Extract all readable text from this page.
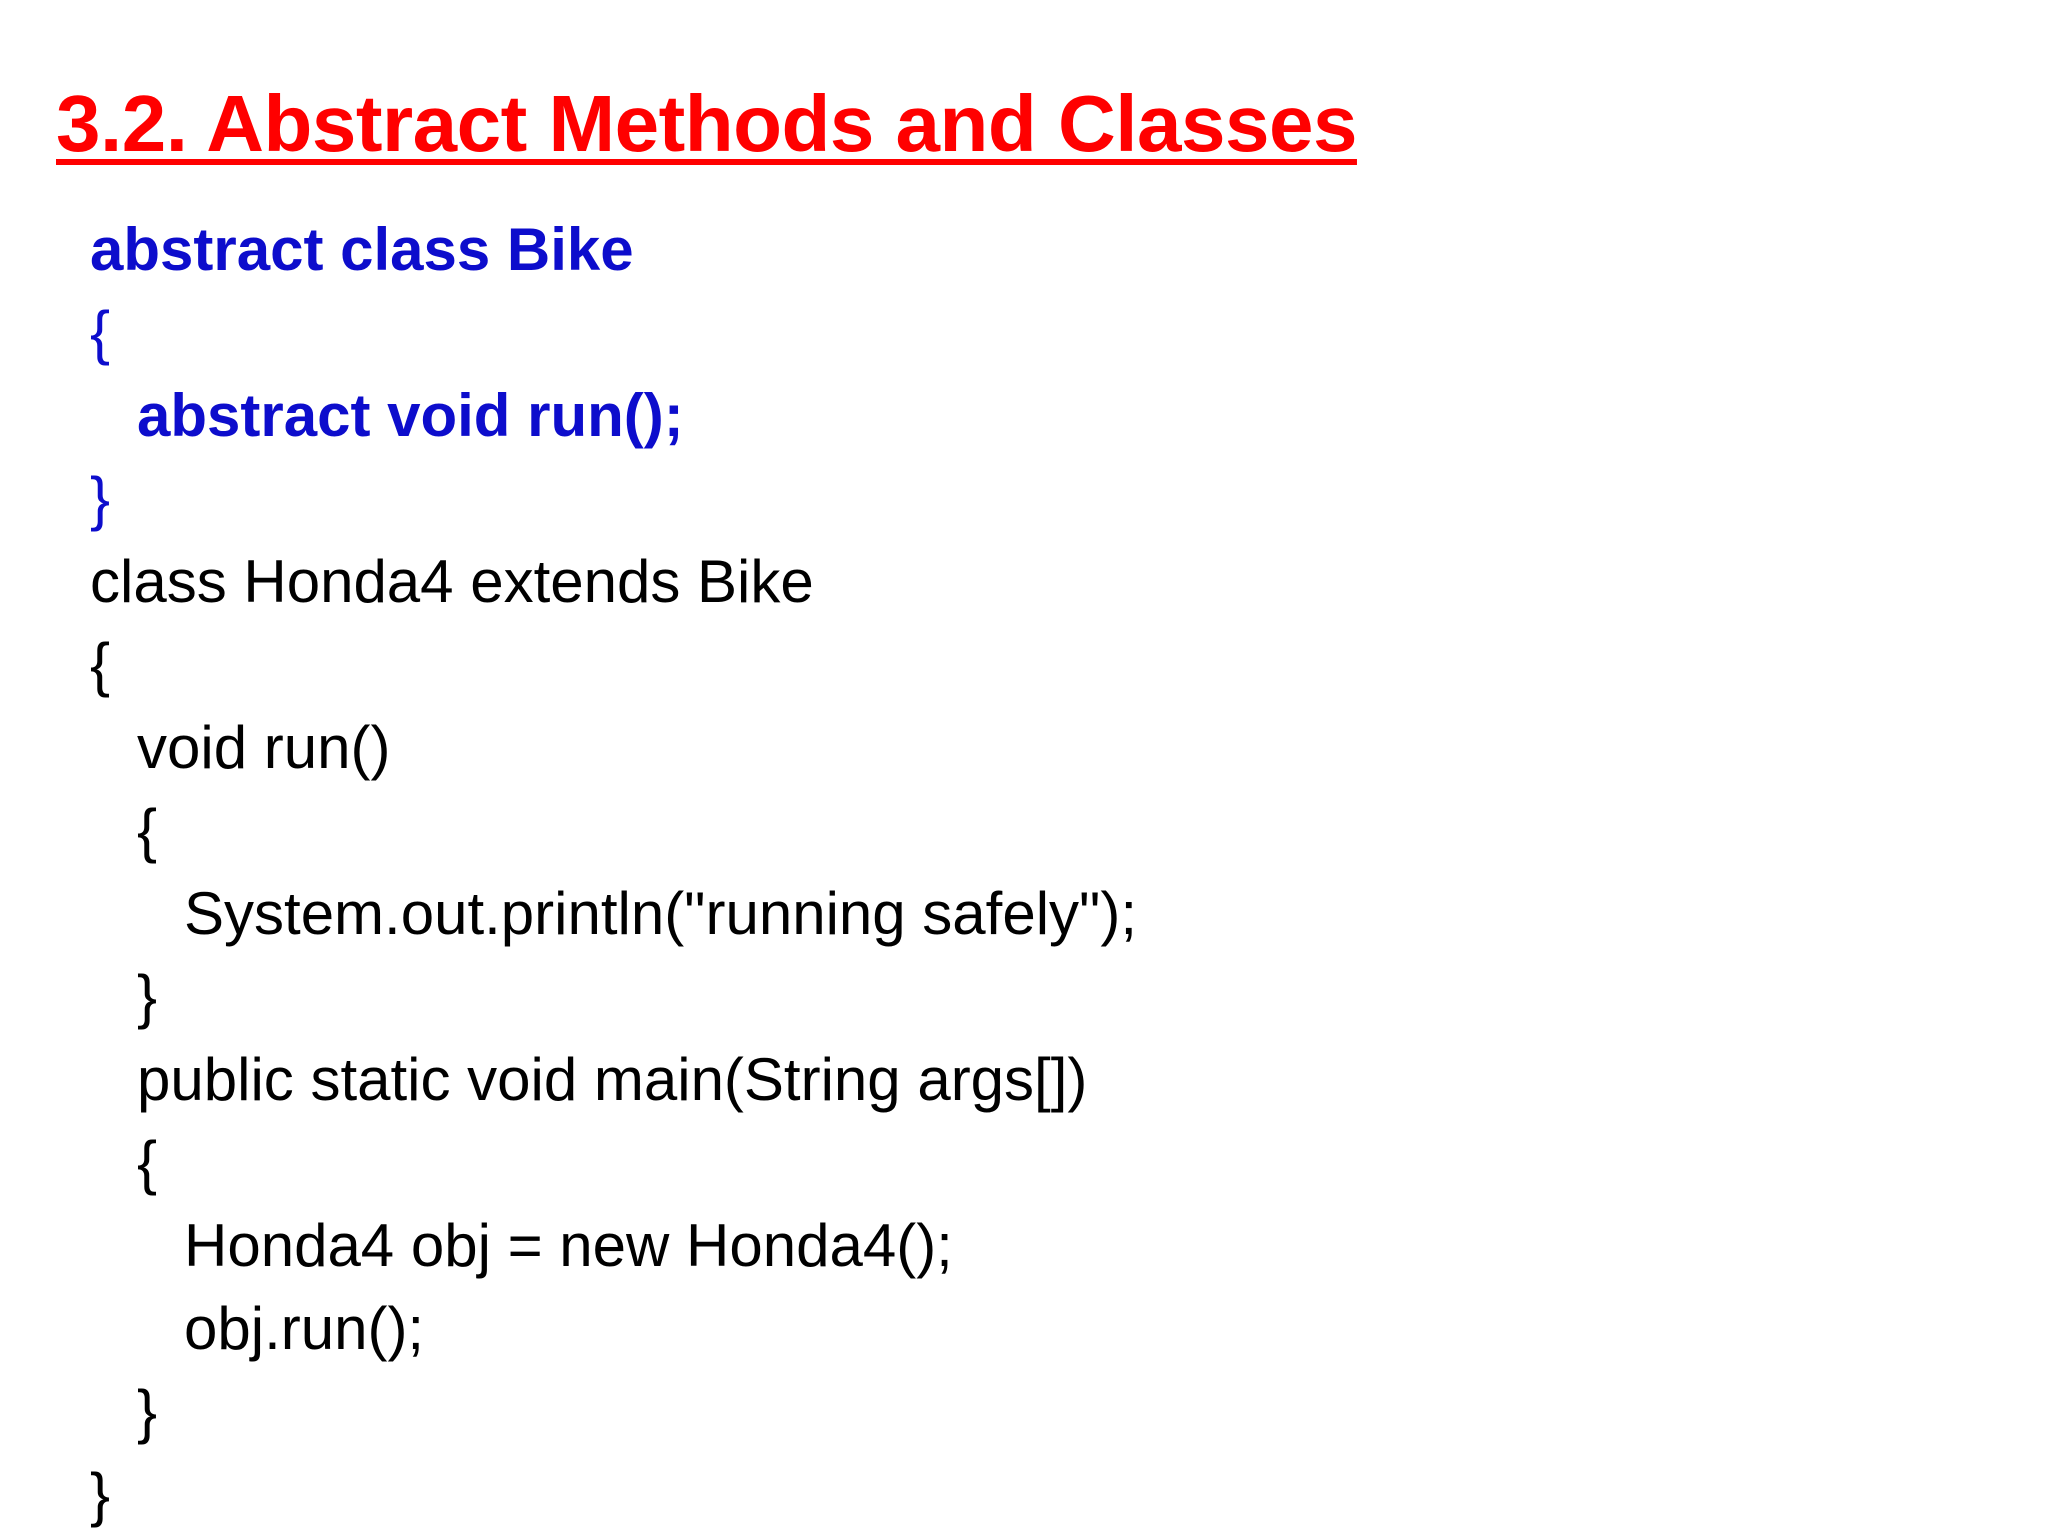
3.2. Abstract Methods and Classes
abstract class Bike
{
abstract void run();
}
class Honda4 extends Bike
{
void run()
{
System.out.println("running safely");
}
public static void main(String args[])
{
Honda4 obj = new Honda4();
obj.run();
}
}
